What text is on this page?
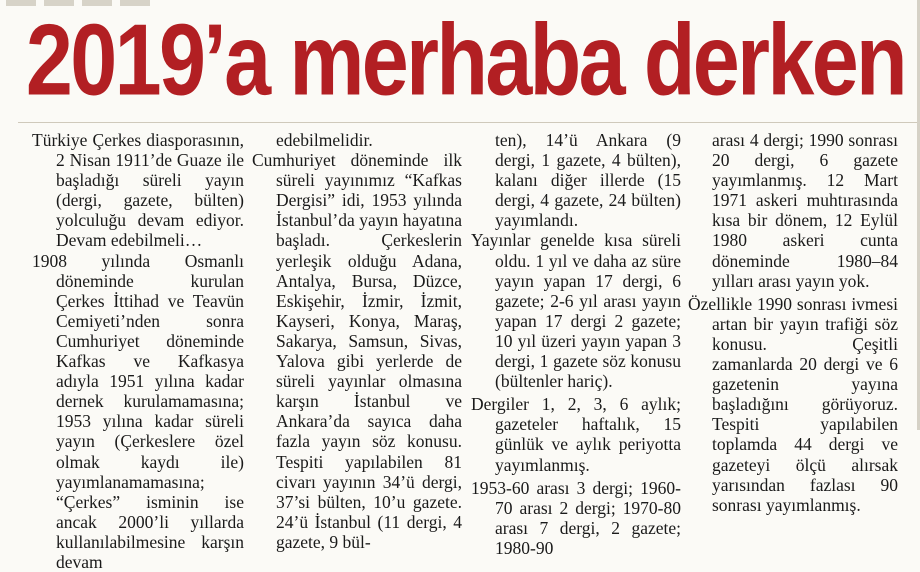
2019’a merhaba derken

Türkiye Çerkes diasporasının, 2 Nisan 1911’de Guaze ile başladığı süreli yayın (dergi, gazete, bülten) yolculuğu devam ediyor. Devam edebilmeli…

1908 yılında Osmanlı döneminde kurulan Çerkes İttihad ve Teavün Cemiyeti’nden sonra Cumhuriyet döneminde Kafkas ve Kafkasya adıyla 1951 yılına kadar dernek kurulamamasına; 1953 yılına kadar süreli yayın (Çerkeslere özel olmak kaydı ile) yayımlanamamasına; “Çerkes” isminin ise ancak 2000’li yıllarda kullanılabilmesine karşın devam

edebilmelidir.

Cumhuriyet döneminde ilk süreli yayınımız “Kafkas Dergisi” idi, 1953 yılında İstanbul’da yayın hayatına başladı. Çerkeslerin yerleşik olduğu Adana, Antalya, Bursa, Düzce, Eskişehir, İzmir, İzmit, Kayseri, Konya, Maraş, Sakarya, Samsun, Sivas, Yalova gibi yerlerde de süreli yayınlar olmasına karşın İstanbul ve Ankara’da sayıca daha fazla yayın söz konusu. Tespiti yapılabilen 81 civarı yayının 34’ü dergi, 37’si bülten, 10’u gazete. 24’ü İstanbul (11 dergi, 4 gazete, 9 bül-

ten), 14’ü Ankara (9 dergi, 1 gazete, 4 bülten), kalanı diğer illerde (15 dergi, 4 gazete, 24 bülten) yayımlandı.

Yayınlar genelde kısa süreli oldu. 1 yıl ve daha az süre yayın yapan 17 dergi, 6 gazete; 2-6 yıl arası yayın yapan 17 dergi 2 gazete; 10 yıl üzeri yayın yapan 3 dergi, 1 gazete söz konusu (bültenler hariç).

Dergiler 1, 2, 3, 6 aylık; gazeteler haftalık, 15 günlük ve aylık periyotta yayımlanmış.

1953-60 arası 3 dergi; 1960-70 arası 2 dergi; 1970-80 arası 7 dergi, 2 gazete; 1980-90

arası 4 dergi; 1990 sonrası 20 dergi, 6 gazete yayımlanmış. 12 Mart 1971 askeri muhtırasında kısa bir dönem, 12 Eylül 1980 askeri cunta döneminde 1980–84 yılları arası yayın yok.

Özellikle 1990 sonrası ivmesi artan bir yayın trafiği söz konusu. Çeşitli zamanlarda 20 dergi ve 6 gazetenin yayına başladığını görüyoruz. Tespiti yapılabilen toplamda 44 dergi ve gazeteyi ölçü alırsak yarısından fazlası 90 sonrası yayımlanmış.
